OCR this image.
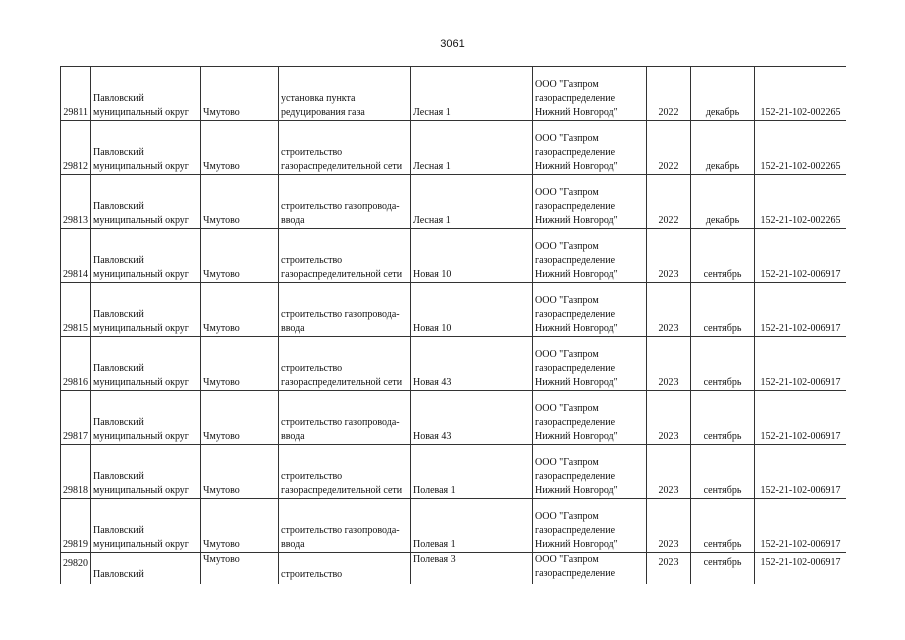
3061
29811	Павловский
муниципальный округ	Чмутово	установка пункта
редуцирования газа	Лесная 1	ООО "Газпром
газораспределение
Нижний Новгород"	2022	декабрь	152-21-102-002265
29812	Павловский
муниципальный округ	Чмутово	строительство
газораспределительной сети	Лесная 1	ООО "Газпром
газораспределение
Нижний Новгород"	2022	декабрь	152-21-102-002265
29813	Павловский
муниципальный округ	Чмутово	строительство газопровода-
ввода	Лесная 1	ООО "Газпром
газораспределение
Нижний Новгород"	2022	декабрь	152-21-102-002265
29814	Павловский
муниципальный округ	Чмутово	строительство
газораспределительной сети	Новая 10	ООО "Газпром
газораспределение
Нижний Новгород"	2023	сентябрь	152-21-102-006917
29815	Павловский
муниципальный округ	Чмутово	строительство газопровода-
ввода	Новая 10	ООО "Газпром
газораспределение
Нижний Новгород"	2023	сентябрь	152-21-102-006917
29816	Павловский
муниципальный округ	Чмутово	строительство
газораспределительной сети	Новая 43	ООО "Газпром
газораспределение
Нижний Новгород"	2023	сентябрь	152-21-102-006917
29817	Павловский
муниципальный округ	Чмутово	строительство газопровода-
ввода	Новая 43	ООО "Газпром
газораспределение
Нижний Новгород"	2023	сентябрь	152-21-102-006917
29818	Павловский
муниципальный округ	Чмутово	строительство
газораспределительной сети	Полевая 1	ООО "Газпром
газораспределение
Нижний Новгород"	2023	сентябрь	152-21-102-006917
29819	Павловский
муниципальный округ	Чмутово	строительство газопровода-
ввода	Полевая 1	ООО "Газпром
газораспределение
Нижний Новгород"	2023	сентябрь	152-21-102-006917
29820	Павловский	Чмутово	строительство	Полевая 3	ООО "Газпром
газораспределение	2023	сентябрь	152-21-102-006917
